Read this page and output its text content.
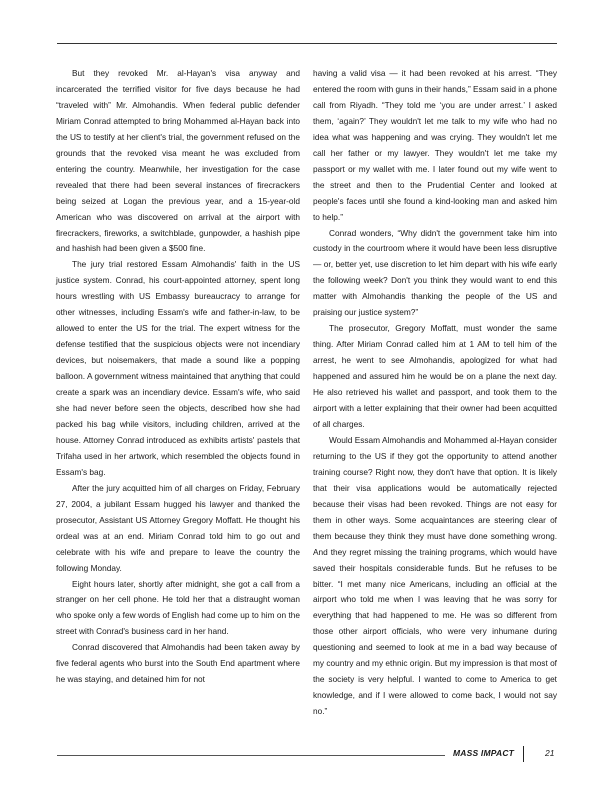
But they revoked Mr. al-Hayan's visa anyway and incarcerated the terrified visitor for five days because he had “traveled with” Mr. Almohandis. When federal public defender Miriam Conrad attempted to bring Mohammed al-Hayan back into the US to testify at her client's trial, the government refused on the grounds that the revoked visa meant he was excluded from entering the country. Meanwhile, her investigation for the case revealed that there had been several instances of firecrackers being seized at Logan the previous year, and a 15-year-old American who was discovered on arrival at the airport with firecrackers, fireworks, a switchblade, gunpowder, a hashish pipe and hashish had been given a $500 fine.

The jury trial restored Essam Almohandis' faith in the US justice system. Conrad, his court-appointed attorney, spent long hours wrestling with US Embassy bureaucracy to arrange for other witnesses, including Essam's wife and father-in-law, to be allowed to enter the US for the trial. The expert witness for the defense testified that the suspicious objects were not incendiary devices, but noisemakers, that made a sound like a popping balloon. A government witness maintained that anything that could create a spark was an incendiary device. Essam's wife, who said she had never before seen the objects, described how she had packed his bag while visitors, including children, arrived at the house. Attorney Conrad introduced as exhibits artists' pastels that Trifaha used in her artwork, which resembled the objects found in Essam's bag.

After the jury acquitted him of all charges on Friday, February 27, 2004, a jubilant Essam hugged his lawyer and thanked the prosecutor, Assistant US Attorney Gregory Moffatt. He thought his ordeal was at an end. Miriam Conrad told him to go out and celebrate with his wife and prepare to leave the country the following Monday.

Eight hours later, shortly after midnight, she got a call from a stranger on her cell phone. He told her that a distraught woman who spoke only a few words of English had come up to him on the street with Conrad's business card in her hand.

Conrad discovered that Almohandis had been taken away by five federal agents who burst into the South End apartment where he was staying, and detained him for not

having a valid visa — it had been revoked at his arrest. “They entered the room with guns in their hands,” Essam said in a phone call from Riyadh. “They told me ‘you are under arrest.’ I asked them, ‘again?’ They wouldn't let me talk to my wife who had no idea what was happening and was crying. They wouldn't let me call her father or my lawyer. They wouldn't let me take my passport or my wallet with me. I later found out my wife went to the street and then to the Prudential Center and looked at people's faces until she found a kind-looking man and asked him to help.”

Conrad wonders, “Why didn't the government take him into custody in the courtroom where it would have been less disruptive — or, better yet, use discretion to let him depart with his wife early the following week? Don't you think they would want to end this matter with Almohandis thanking the people of the US and praising our justice system?”

The prosecutor, Gregory Moffatt, must wonder the same thing. After Miriam Conrad called him at 1 AM to tell him of the arrest, he went to see Almohandis, apologized for what had happened and assured him he would be on a plane the next day. He also retrieved his wallet and passport, and took them to the airport with a letter explaining that their owner had been acquitted of all charges.

Would Essam Almohandis and Mohammed al-Hayan consider returning to the US if they got the opportunity to attend another training course? Right now, they don't have that option. It is likely that their visa applications would be automatically rejected because their visas had been revoked. Things are not easy for them in other ways. Some acquaintances are steering clear of them because they think they must have done something wrong. And they regret missing the training programs, which would have saved their hospitals considerable funds. But he refuses to be bitter. “I met many nice Americans, including an official at the airport who told me when I was leaving that he was sorry for everything that had happened to me. He was so different from those other airport officials, who were very inhumane during questioning and seemed to look at me in a bad way because of my country and my ethnic origin. But my impression is that most of the society is very helpful. I wanted to come to America to get knowledge, and if I were allowed to come back, I would not say no.”

MASS IMPACT	21
